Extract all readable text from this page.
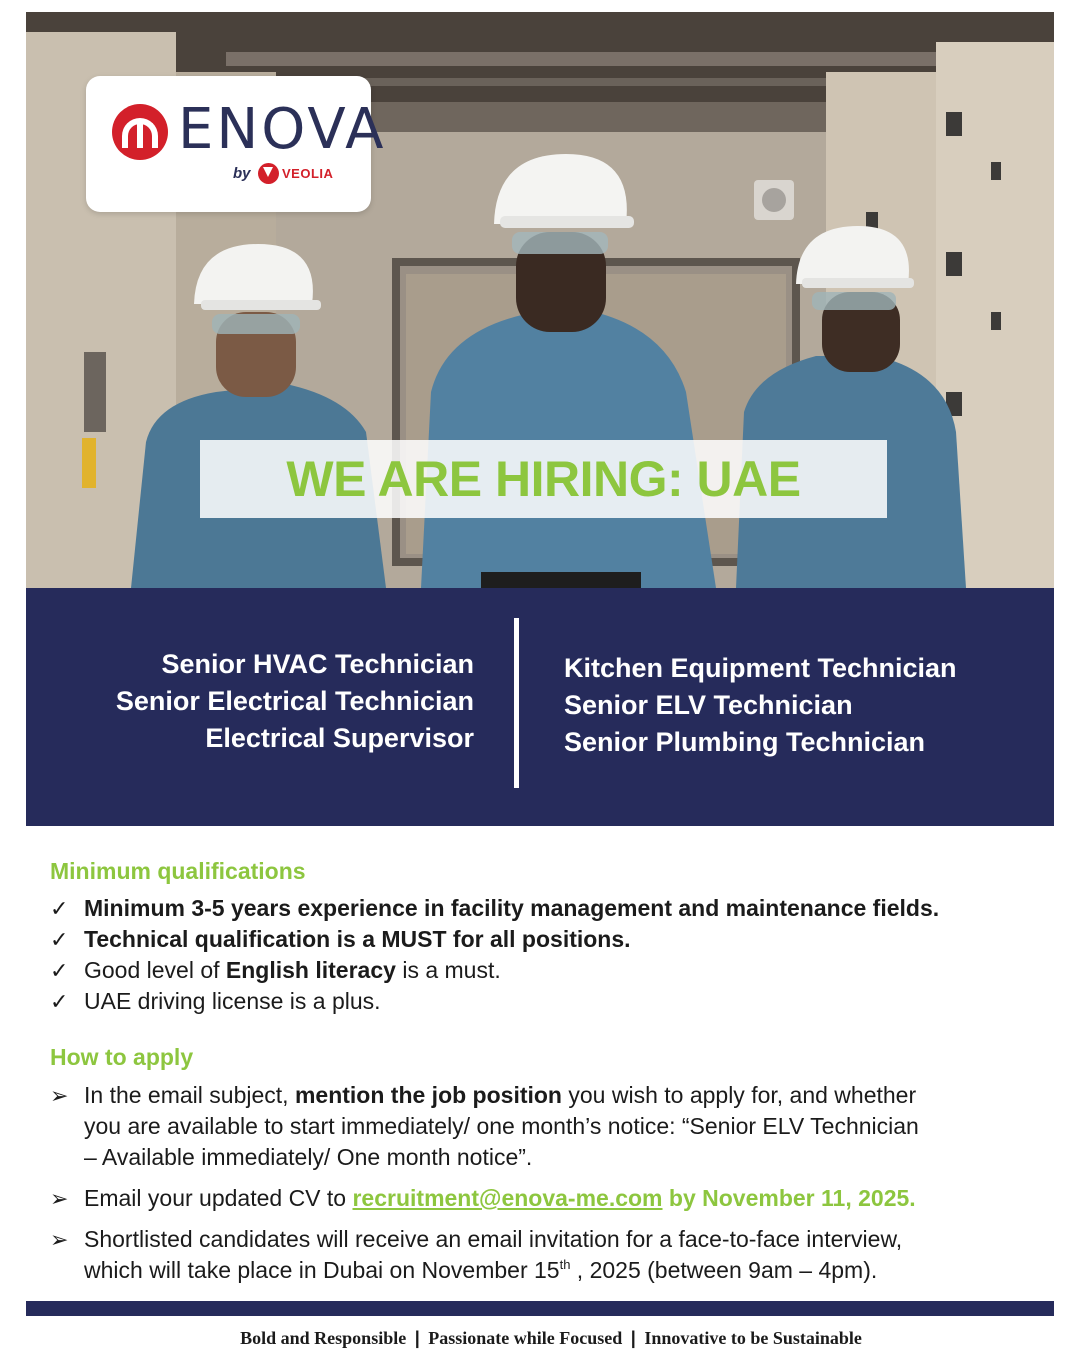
ENOVA
by VEOLIA
WE ARE HIRING: UAE
Senior HVAC Technician
Senior Electrical Technician
Electrical Supervisor
Kitchen Equipment Technician
Senior ELV Technician
Senior Plumbing Technician
Minimum qualifications
✓ Minimum 3-5 years experience in facility management and maintenance fields.
✓ Technical qualification is a MUST for all positions.
✓ Good level of English literacy is a must.
✓ UAE driving license is a plus.
How to apply
➢ In the email subject, mention the job position you wish to apply for, and whether
you are available to start immediately/ one month’s notice: “Senior ELV Technician
– Available immediately/ One month notice”.
➢ Email your updated CV to recruitment@enova-me.com by November 11, 2025.
➢ Shortlisted candidates will receive an email invitation for a face-to-face interview,
which will take place in Dubai on November 15th , 2025 (between 9am – 4pm).
Bold and Responsible | Passionate while Focused | Innovative to be Sustainable
